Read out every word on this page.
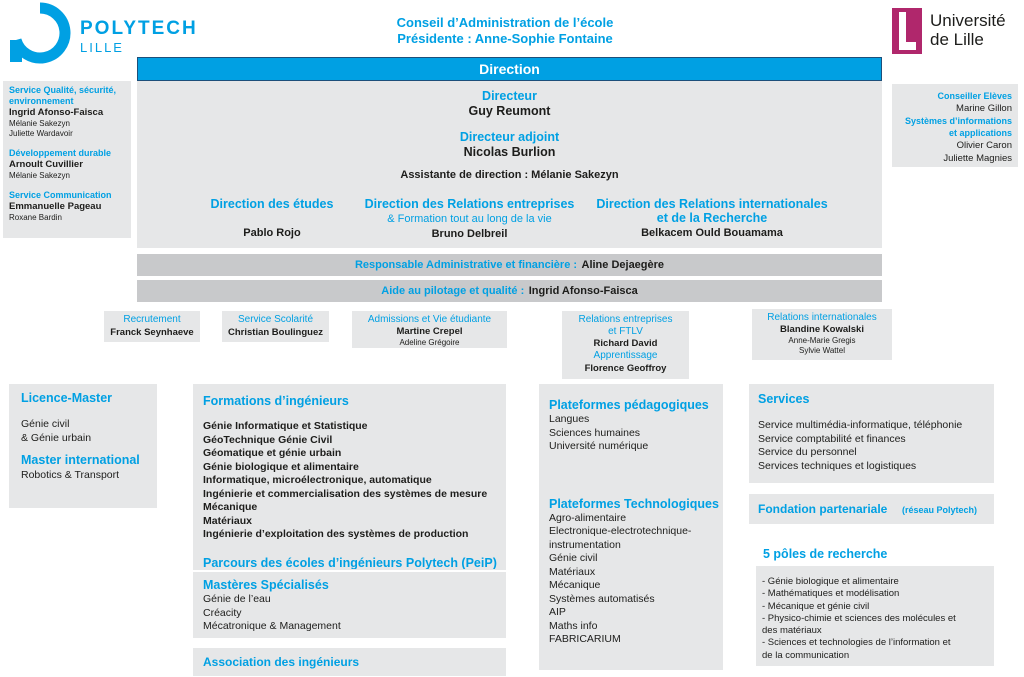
POLYTECH
LILLE
Conseil d’Administration de l’école
Présidente : Anne-Sophie Fontaine
Université
de Lille
Direction
Directeur
Guy Reumont
Directeur adjoint
Nicolas Burlion
Assistante de direction : Mélanie Sakezyn
Direction des études
Pablo Rojo
Direction des Relations entreprises
& Formation tout au long de la vie
Bruno Delbreil
Direction des Relations internationales
et de la Recherche
Belkacem Ould Bouamama
Responsable Administrative et financière : Aline Dejaegère
Aide au pilotage et qualité : Ingrid Afonso-Faisca
Service Qualité, sécurité,
environnement
Ingrid Afonso-Faisca
Mélanie Sakezyn
Juliette Wardavoir
Développement durable
Arnoult Cuvillier
Mélanie Sakezyn
Service Communication
Emmanuelle Pageau
Roxane Bardin
Conseiller Elèves
Marine Gillon
Systèmes d’informations
et applications
Olivier Caron
Juliette Magnies
Recrutement
Franck Seynhaeve
Service Scolarité
Christian Boulinguez
Admissions et Vie étudiante
Martine Crepel
Adeline Grégoire
Relations entreprises
et FTLV
Richard David
Apprentissage
Florence Geoffroy
Relations internationales
Blandine Kowalski
Anne-Marie Gregis
Sylvie Wattel
Licence-Master
Génie civil
& Génie urbain
Master international
Robotics & Transport
Formations d’ingénieurs
Génie Informatique et Statistique
GéoTechnique Génie Civil
Géomatique et génie urbain
Génie biologique et alimentaire
Informatique, microélectronique, automatique
Ingénierie et commercialisation des systèmes de mesure
Mécanique
Matériaux
Ingénierie d’exploitation des systèmes de production
Parcours des écoles d’ingénieurs Polytech (PeiP)
Mastères Spécialisés
Génie de l’eau
Créacity
Mécatronique & Management
Association des ingénieurs
Plateformes pédagogiques
Langues
Sciences humaines
Université numérique
Plateformes Technologiques
Agro-alimentaire
Electronique-electrotechnique-
instrumentation
Génie civil
Matériaux
Mécanique
Systèmes automatisés
AIP
Maths info
FABRICARIUM
Services
Service multimédia-informatique, téléphonie
Service comptabilité et finances
Service du personnel
Services techniques et logistiques
Fondation partenariale (réseau Polytech)
5 pôles de recherche
- Génie biologique et alimentaire
- Mathématiques et modélisation
- Mécanique et génie civil
- Physico-chimie et sciences des molécules et
des matériaux
- Sciences et technologies de l’information et
de la communication
